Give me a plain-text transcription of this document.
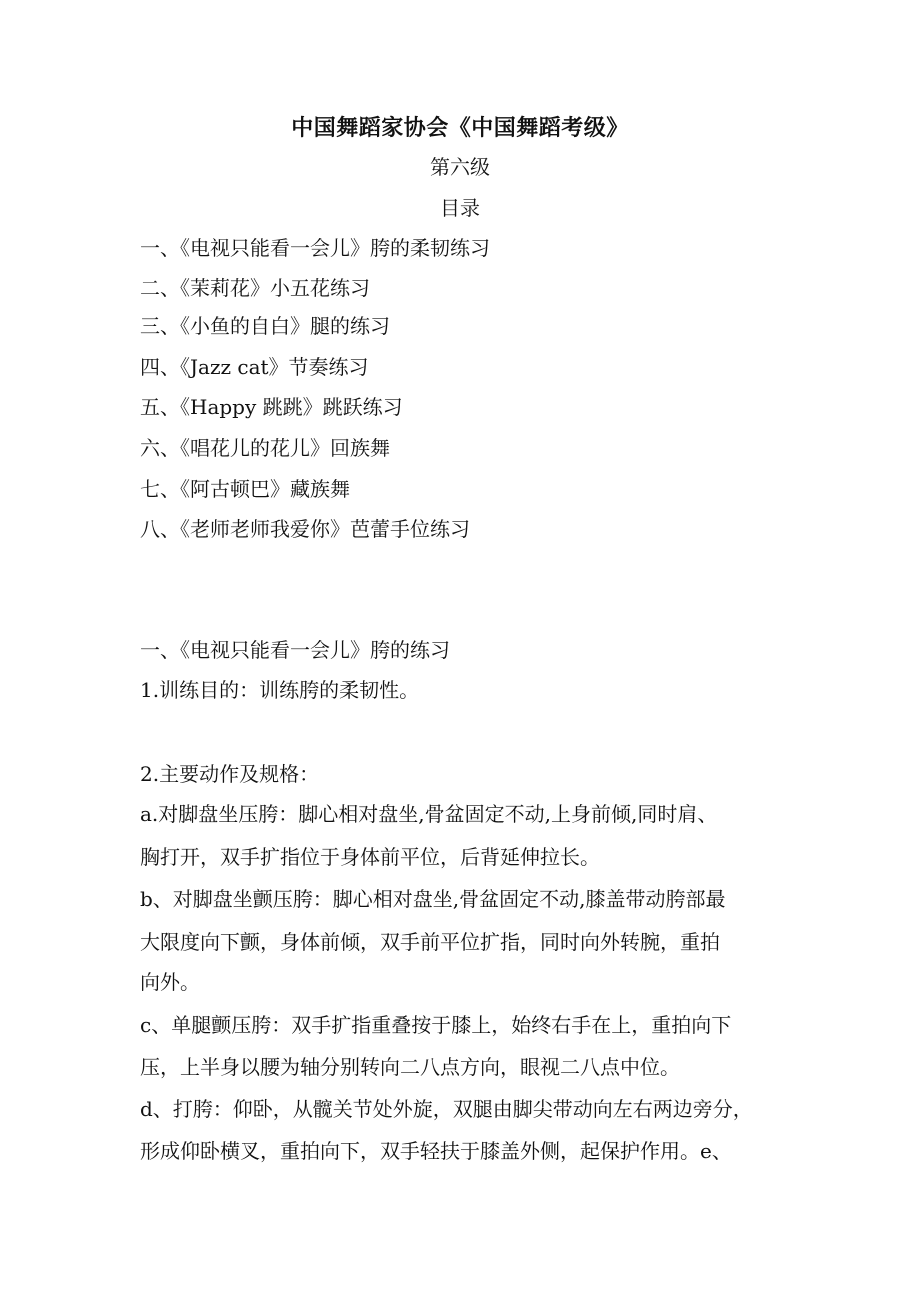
中国舞蹈家协会《中国舞蹈考级》
第六级
目录
一、《电视只能看一会儿》胯的柔韧练习
二、《茉莉花》小五花练习
三、《小鱼的自白》腿的练习
四、《Jazz cat》节奏练习
五、《Happy 跳跳》跳跃练习
六、《唱花儿的花儿》回族舞
七、《阿古顿巴》藏族舞
八、《老师老师我爱你》芭蕾手位练习
一、《电视只能看一会儿》胯的练习
1.训练目的：训练胯的柔韧性。
2.主要动作及规格：
a.对脚盘坐压胯：脚心相对盘坐,骨盆固定不动,上身前倾,同时肩、
胸打开，双手扩指位于身体前平位，后背延伸拉长。
b、对脚盘坐颤压胯：脚心相对盘坐,骨盆固定不动,膝盖带动胯部最
大限度向下颤，身体前倾，双手前平位扩指，同时向外转腕，重拍
向外。
c、单腿颤压胯：双手扩指重叠按于膝上，始终右手在上，重拍向下
压，上半身以腰为轴分别转向二八点方向，眼视二八点中位。
d、打胯：仰卧，从髋关节处外旋，双腿由脚尖带动向左右两边旁分，
形成仰卧横叉，重拍向下，双手轻扶于膝盖外侧，起保护作用。e、
